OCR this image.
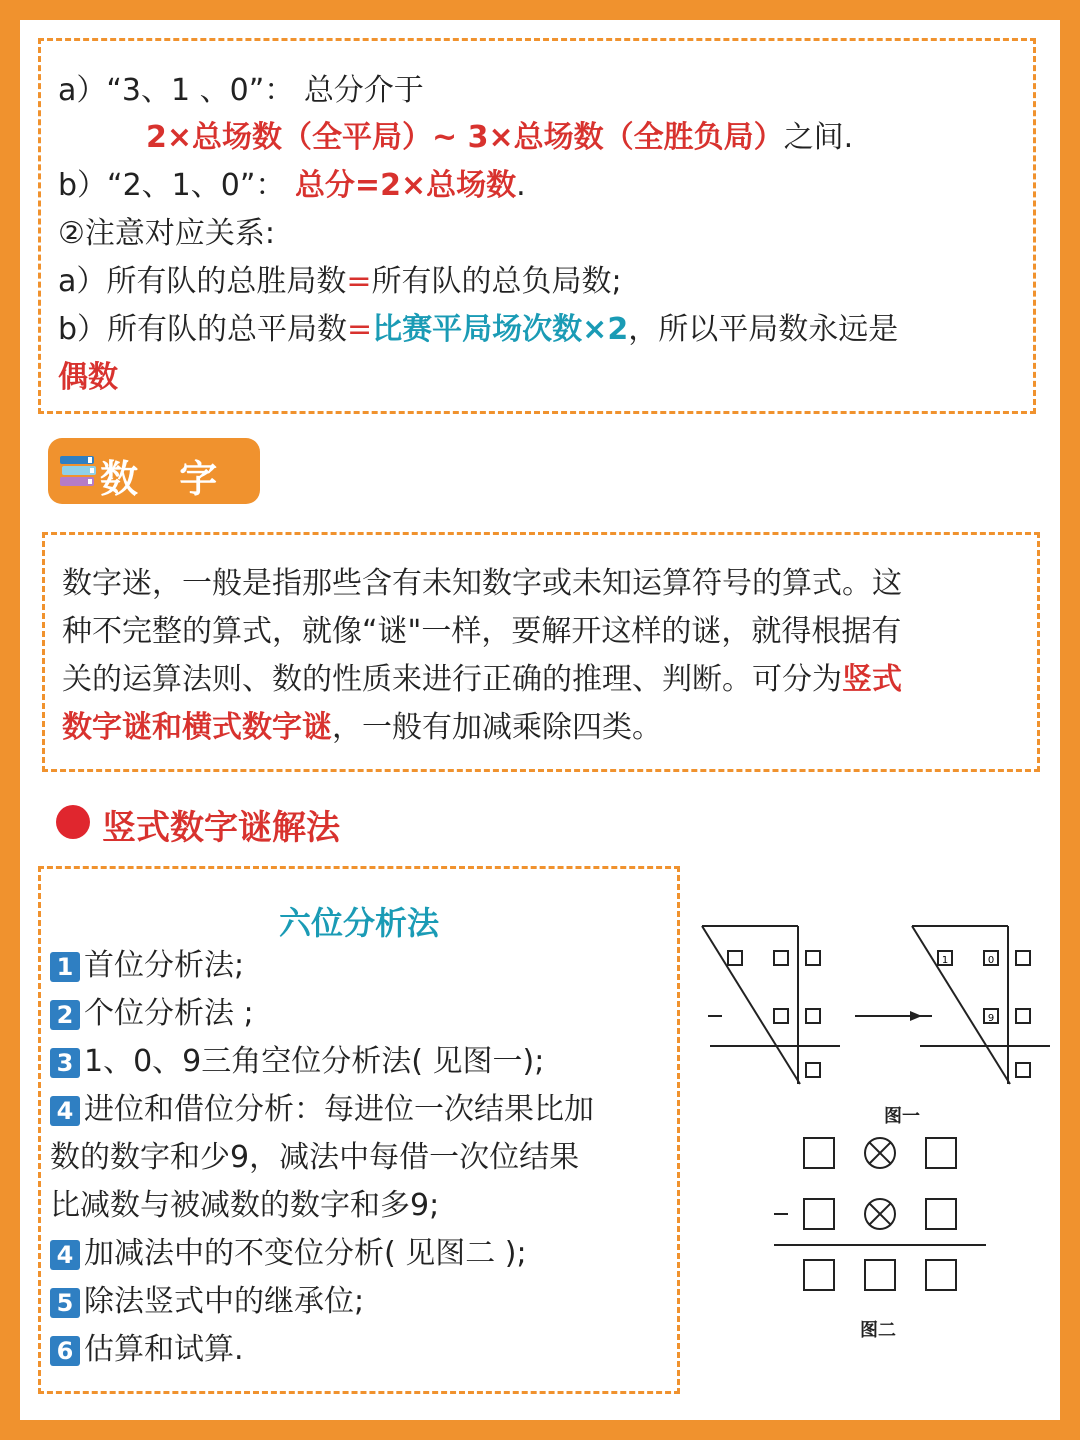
a）“3、1 、0”： 总分介于
2×总场数（全平局）~ 3×总场数（全胜负局）之间.
b）“2、1、0”： 总分=2×总场数.
②注意对应关系:
a）所有队的总胜局数=所有队的总负局数;
b）所有队的总平局数=比赛平局场次数×2，所以平局数永远是
偶数
数 字 谜
数字迷，一般是指那些含有未知数字或未知运算符号的算式。这
种不完整的算式，就像“谜"一样，要解开这样的谜，就得根据有
关的运算法则、数的性质来进行正确的推理、判断。可分为竖式
数字谜和横式数字谜，一般有加减乘除四类。
竖式数字谜解法
六位分析法
1 首位分析法;
2 个位分析法 ;
3 1、0、9三角空位分析法( 见图一);
4 进位和借位分析：每进位一次结果比加
数的数字和少9，减法中每借一次位结果
比减数与被减数的数字和多9;
4 加减法中的不变位分析( 见图二 );
5 除法竖式中的继承位;
6 估算和试算.
1	0
9
图一
图二
